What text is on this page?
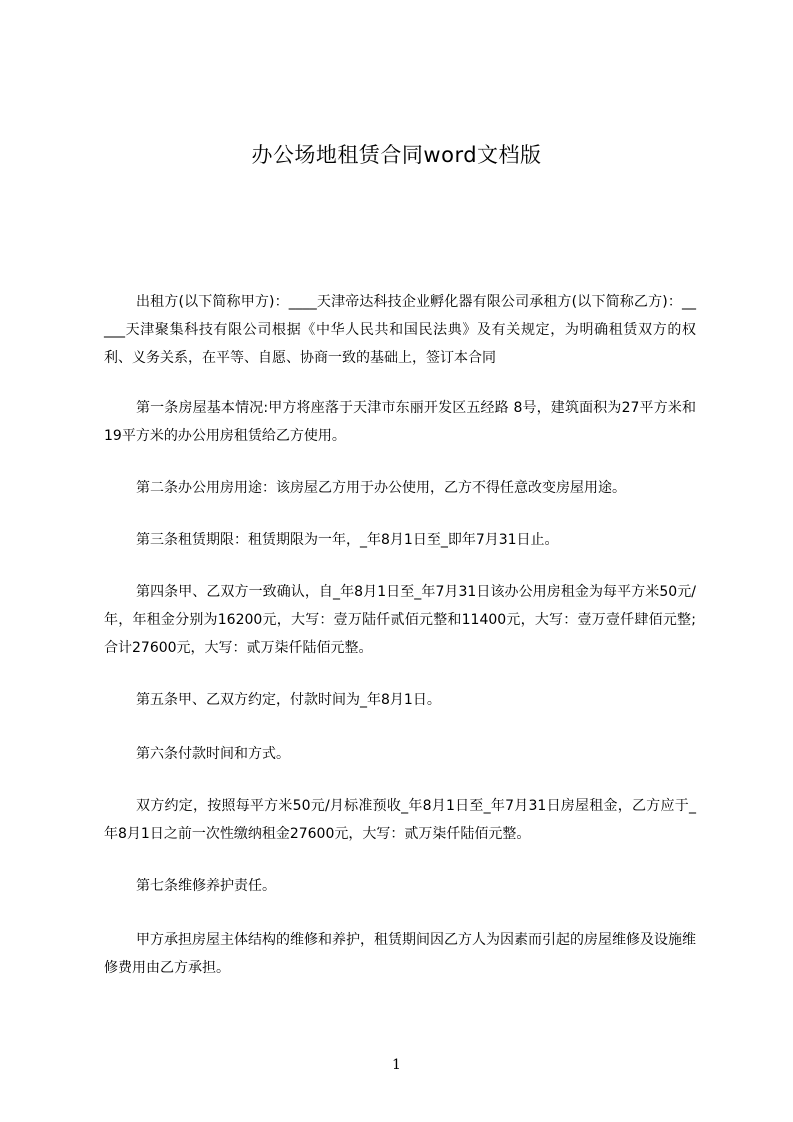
办公场地租赁合同word文档版
出租方(以下简称甲方)：____天津帝达科技企业孵化器有限公司承租方(以下简称乙方)：_____天津聚集科技有限公司根据《中华人民共和国民法典》及有关规定，为明确租赁双方的权利、义务关系，在平等、自愿、协商一致的基础上，签订本合同
第一条房屋基本情况:甲方将座落于天津市东丽开发区五经路 8号，建筑面积为27平方米和19平方米的办公用房租赁给乙方使用。
第二条办公用房用途：该房屋乙方用于办公使用，乙方不得任意改变房屋用途。
第三条租赁期限：租赁期限为一年，_年8月1日至_即年7月31日止。
第四条甲、乙双方一致确认，自_年8月1日至_年7月31日该办公用房租金为每平方米50元/年，年租金分别为16200元，大写：壹万陆仟贰佰元整和11400元，大写：壹万壹仟肆佰元整;合计27600元，大写：贰万柒仟陆佰元整。
第五条甲、乙双方约定，付款时间为_年8月1日。
第六条付款时间和方式。
双方约定，按照每平方米50元/月标准预收_年8月1日至_年7月31日房屋租金，乙方应于_年8月1日之前一次性缴纳租金27600元，大写：贰万柒仟陆佰元整。
第七条维修养护责任。
甲方承担房屋主体结构的维修和养护，租赁期间因乙方人为因素而引起的房屋维修及设施维修费用由乙方承担。
1
